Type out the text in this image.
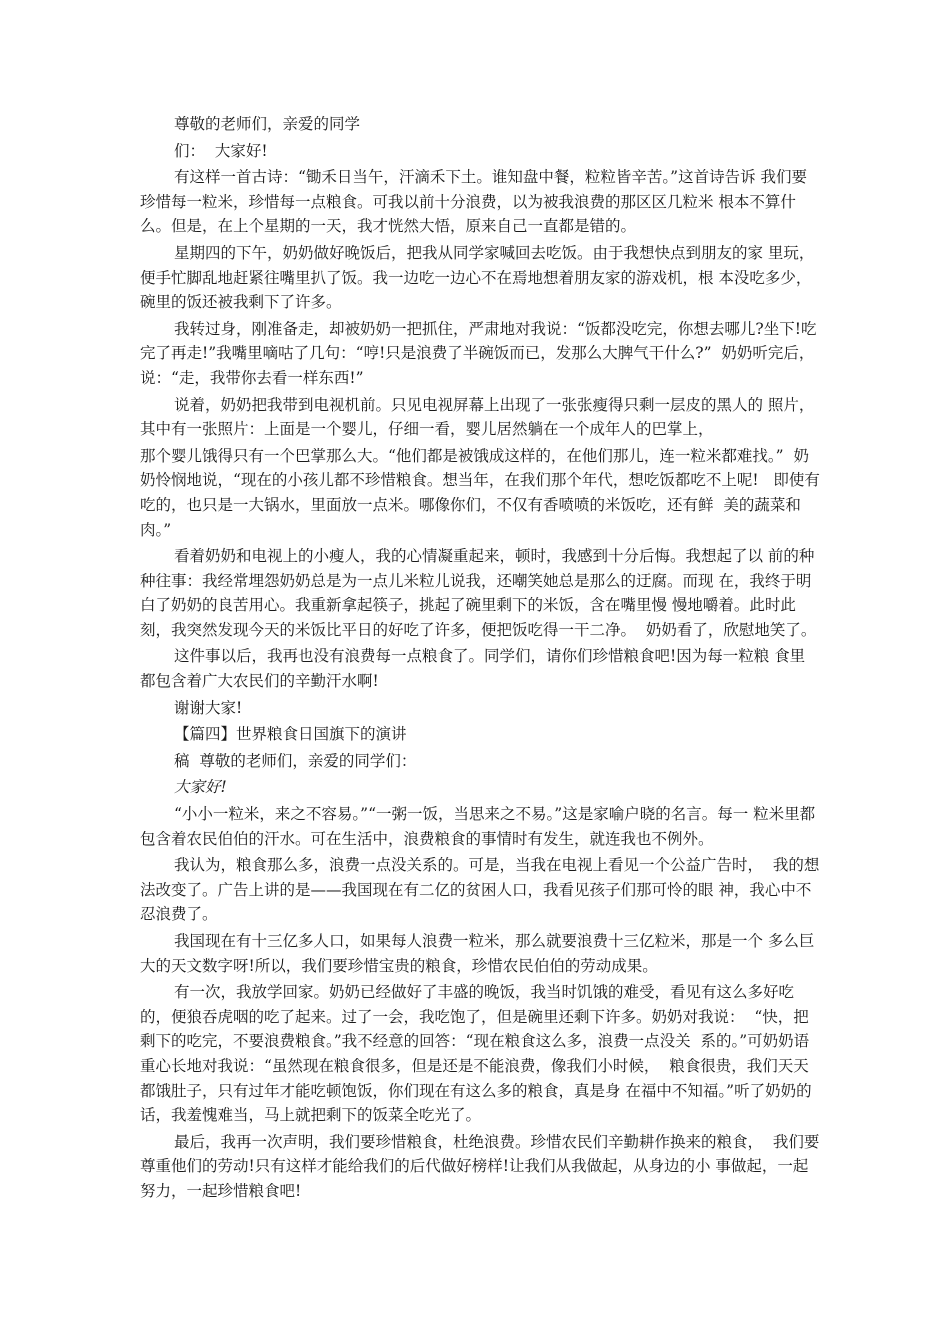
尊敬的老师们，亲爱的同学

们：  大家好!

有这样一首古诗：“锄禾日当午，汗滴禾下土。谁知盘中餐，粒粒皆辛苦。”这首诗告诉 我们要珍惜每一粒米，珍惜每一点粮食。可我以前十分浪费，以为被我浪费的那区区几粒米 根本不算什么。但是，在上个星期的一天，我才恍然大悟，原来自己一直都是错的。

星期四的下午，奶奶做好晚饭后，把我从同学家喊回去吃饭。由于我想快点到朋友的家 里玩，便手忙脚乱地赶紧往嘴里扒了饭。我一边吃一边心不在焉地想着朋友家的游戏机，根 本没吃多少，碗里的饭还被我剩下了许多。

我转过身，刚准备走，却被奶奶一把抓住，严肃地对我说：“饭都没吃完，你想去哪儿?坐下!吃完了再走!”我嘴里嘀咕了几句：“哼!只是浪费了半碗饭而已，发那么大脾气干什么?”  奶奶听完后，说：“走，我带你去看一样东西!”

说着，奶奶把我带到电视机前。只见电视屏幕上出现了一张张瘦得只剩一层皮的黑人的 照片，其中有一张照片：上面是一个婴儿，仔细一看，婴儿居然躺在一个成年人的巴掌上，

那个婴儿饿得只有一个巴掌那么大。“他们都是被饿成这样的，在他们那儿，连一粒米都难找。”  奶奶怜悯地说，“现在的小孩儿都不珍惜粮食。想当年，在我们那个年代，想吃饭都吃不上呢!   即使有吃的，也只是一大锅水，里面放一点米。哪像你们，不仅有香喷喷的米饭吃，还有鲜  美的蔬菜和肉。”

看着奶奶和电视上的小瘦人，我的心情凝重起来，顿时，我感到十分后悔。我想起了以 前的种种往事：我经常埋怨奶奶总是为一点儿米粒儿说我，还嘲笑她总是那么的迂腐。而现 在，我终于明白了奶奶的良苦用心。我重新拿起筷子，挑起了碗里剩下的米饭，含在嘴里慢 慢地嚼着。此时此刻，我突然发现今天的米饭比平日的好吃了许多，便把饭吃得一干二净。  奶奶看了，欣慰地笑了。

这件事以后，我再也没有浪费每一点粮食了。同学们，请你们珍惜粮食吧!因为每一粒粮 食里都包含着广大农民们的辛勤汗水啊!

谢谢大家!

【篇四】世界粮食日国旗下的演讲

稿  尊敬的老师们，亲爱的同学们：

大家好!

“小小一粒米，来之不容易。”“一粥一饭，当思来之不易。”这是家喻户晓的名言。每一 粒米里都包含着农民伯伯的汗水。可在生活中，浪费粮食的事情时有发生，就连我也不例外。

我认为，粮食那么多，浪费一点没关系的。可是，当我在电视上看见一个公益广告时，  我的想法改变了。广告上讲的是——我国现在有二亿的贫困人口，我看见孩子们那可怜的眼 神，我心中不忍浪费了。

我国现在有十三亿多人口，如果每人浪费一粒米，那么就要浪费十三亿粒米，那是一个 多么巨大的天文数字呀!所以，我们要珍惜宝贵的粮食，珍惜农民伯伯的劳动成果。

有一次，我放学回家。奶奶已经做好了丰盛的晚饭，我当时饥饿的难受，看见有这么多好吃的，便狼吞虎咽的吃了起来。过了一会，我吃饱了，但是碗里还剩下许多。奶奶对我说：  “快，把剩下的吃完，不要浪费粮食。”我不经意的回答：“现在粮食这么多，浪费一点没关  系的。”可奶奶语重心长地对我说：“虽然现在粮食很多，但是还是不能浪费，像我们小时候，  粮食很贵，我们天天都饿肚子，只有过年才能吃顿饱饭，你们现在有这么多的粮食，真是身 在福中不知福。”听了奶奶的话，我羞愧难当，马上就把剩下的饭菜全吃光了。

最后，我再一次声明，我们要珍惜粮食，杜绝浪费。珍惜农民们辛勤耕作换来的粮食，  我们要尊重他们的劳动!只有这样才能给我们的后代做好榜样!让我们从我做起，从身边的小 事做起，一起努力，一起珍惜粮食吧!
